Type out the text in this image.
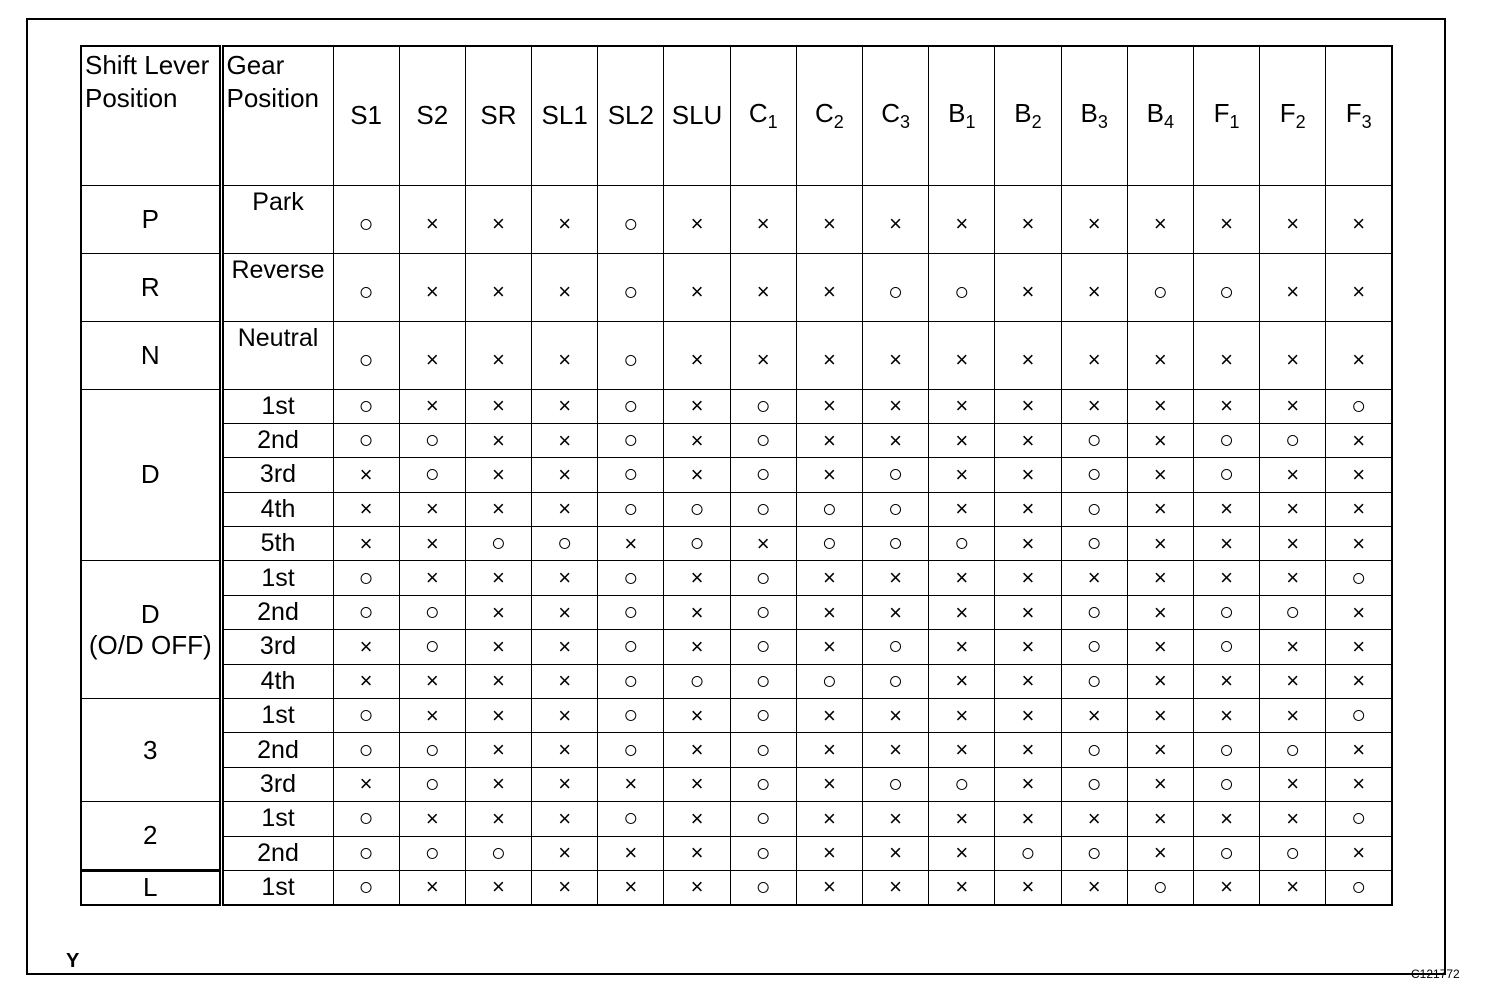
Y
C121772
Shift Lever Position	Gear Position	S1	S2	SR	SL1	SL2	SLU	$C_1$	$C_2$	$C_3$	$B_1$	$B_2$	$B_3$	$B_4$	$F_1$	$F_2$	$F_3$
P	Park	○	×	×	×	○	×	×	×	×	×	×	×	×	×	×	×
R	Reverse	○	×	×	×	○	×	×	×	○	○	×	×	○	○	×	×
N	Neutral	○	×	×	×	○	×	×	×	×	×	×	×	×	×	×	×
D	1st	○	×	×	×	○	×	○	×	×	×	×	×	×	×	×	○
	2nd	○	○	×	×	○	×	○	×	×	×	×	○	×	○	○	×
	3rd	×	○	×	×	○	×	○	×	○	×	×	○	×	○	×	×
	4th	×	×	×	×	○	○	○	○	○	×	×	○	×	×	×	×
	5th	×	×	○	○	×	○	×	○	○	○	×	○	×	×	×	×
D
(O/D OFF)	1st	○	×	×	×	○	×	○	×	×	×	×	×	×	×	×	○
	2nd	○	○	×	×	○	×	○	×	×	×	×	○	×	○	○	×
	3rd	×	○	×	×	○	×	○	×	○	×	×	○	×	○	×	×
	4th	×	×	×	×	○	○	○	○	○	×	×	○	×	×	×	×
3	1st	○	×	×	×	○	×	○	×	×	×	×	×	×	×	×	○
	2nd	○	○	×	×	○	×	○	×	×	×	×	○	×	○	○	×
	3rd	×	○	×	×	×	×	○	×	○	○	×	○	×	○	×	×
2	1st	○	×	×	×	○	×	○	×	×	×	×	×	×	×	×	○
	2nd	○	○	○	×	×	×	○	×	×	×	○	○	×	○	○	×
L	1st	○	×	×	×	×	×	○	×	×	×	×	×	○	×	×	○
